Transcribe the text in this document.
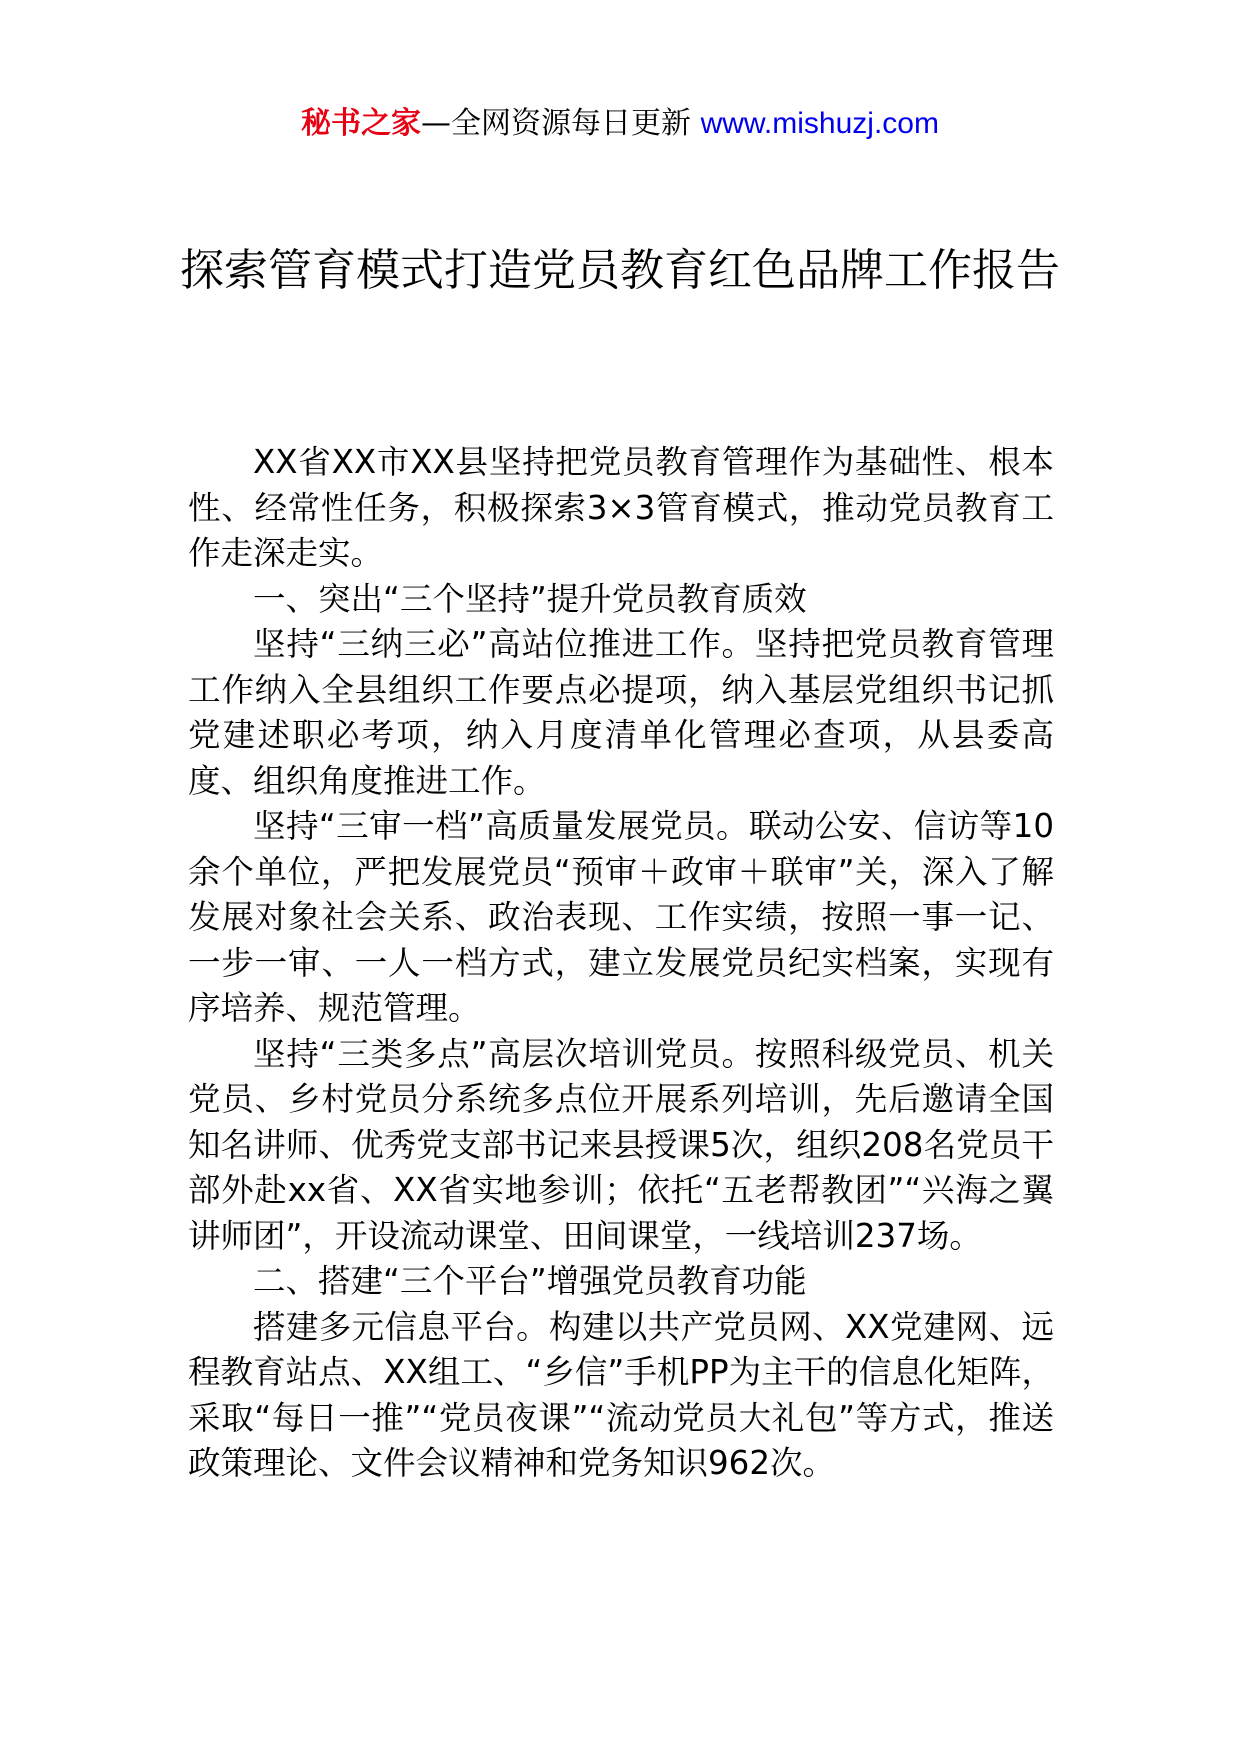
秘书之家—全网资源每日更新 www.mishuzj.com
探索管育模式打造党员教育红色品牌工作报告

XX省XX市XX县坚持把党员教育管理作为基础性、根本性、经常性任务，积极探索3×3管育模式，推动党员教育工作走深走实。

一、突出“三个坚持”提升党员教育质效

坚持“三纳三必”高站位推进工作。坚持把党员教育管理工作纳入全县组织工作要点必提项，纳入基层党组织书记抓党建述职必考项，纳入月度清单化管理必查项，从县委高度、组织角度推进工作。

坚持“三审一档”高质量发展党员。联动公安、信访等10余个单位，严把发展党员“预审＋政审＋联审”关，深入了解发展对象社会关系、政治表现、工作实绩，按照一事一记、一步一审、一人一档方式，建立发展党员纪实档案，实现有序培养、规范管理。

坚持“三类多点”高层次培训党员。按照科级党员、机关党员、乡村党员分系统多点位开展系列培训，先后邀请全国知名讲师、优秀党支部书记来县授课5次，组织208名党员干部外赴xx省、XX省实地参训；依托“五老帮教团”“兴海之翼讲师团”，开设流动课堂、田间课堂，一线培训237场。

二、搭建“三个平台”增强党员教育功能

搭建多元信息平台。构建以共产党员网、XX党建网、远程教育站点、XX组工、“乡信”手机PP为主干的信息化矩阵，采取“每日一推”“党员夜课”“流动党员大礼包”等方式，推送政策理论、文件会议精神和党务知识962次。
